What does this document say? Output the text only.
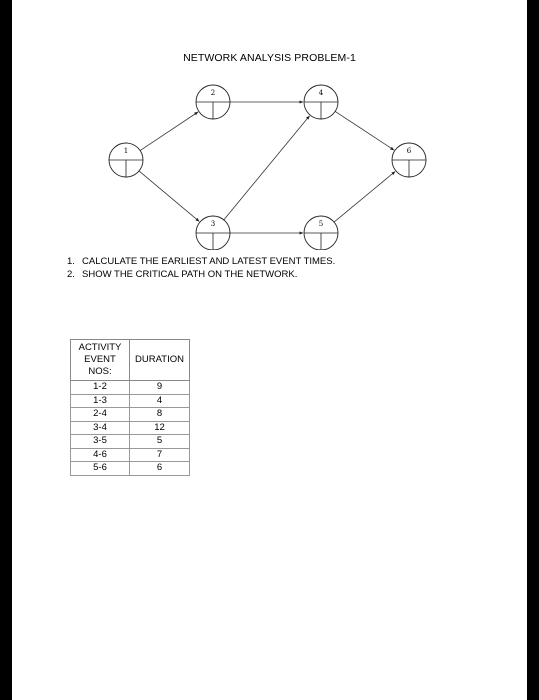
NETWORK ANALYSIS PROBLEM-1
1
2
3
4
5
6
1. CALCULATE THE EARLIEST AND LATEST EVENT TIMES.
2. SHOW THE CRITICAL PATH ON THE NETWORK.
ACTIVITY
EVENT
NOS:	DURATION
1-2	9
1-3	4
2-4	8
3-4	12
3-5	5
4-6	7
5-6	6
